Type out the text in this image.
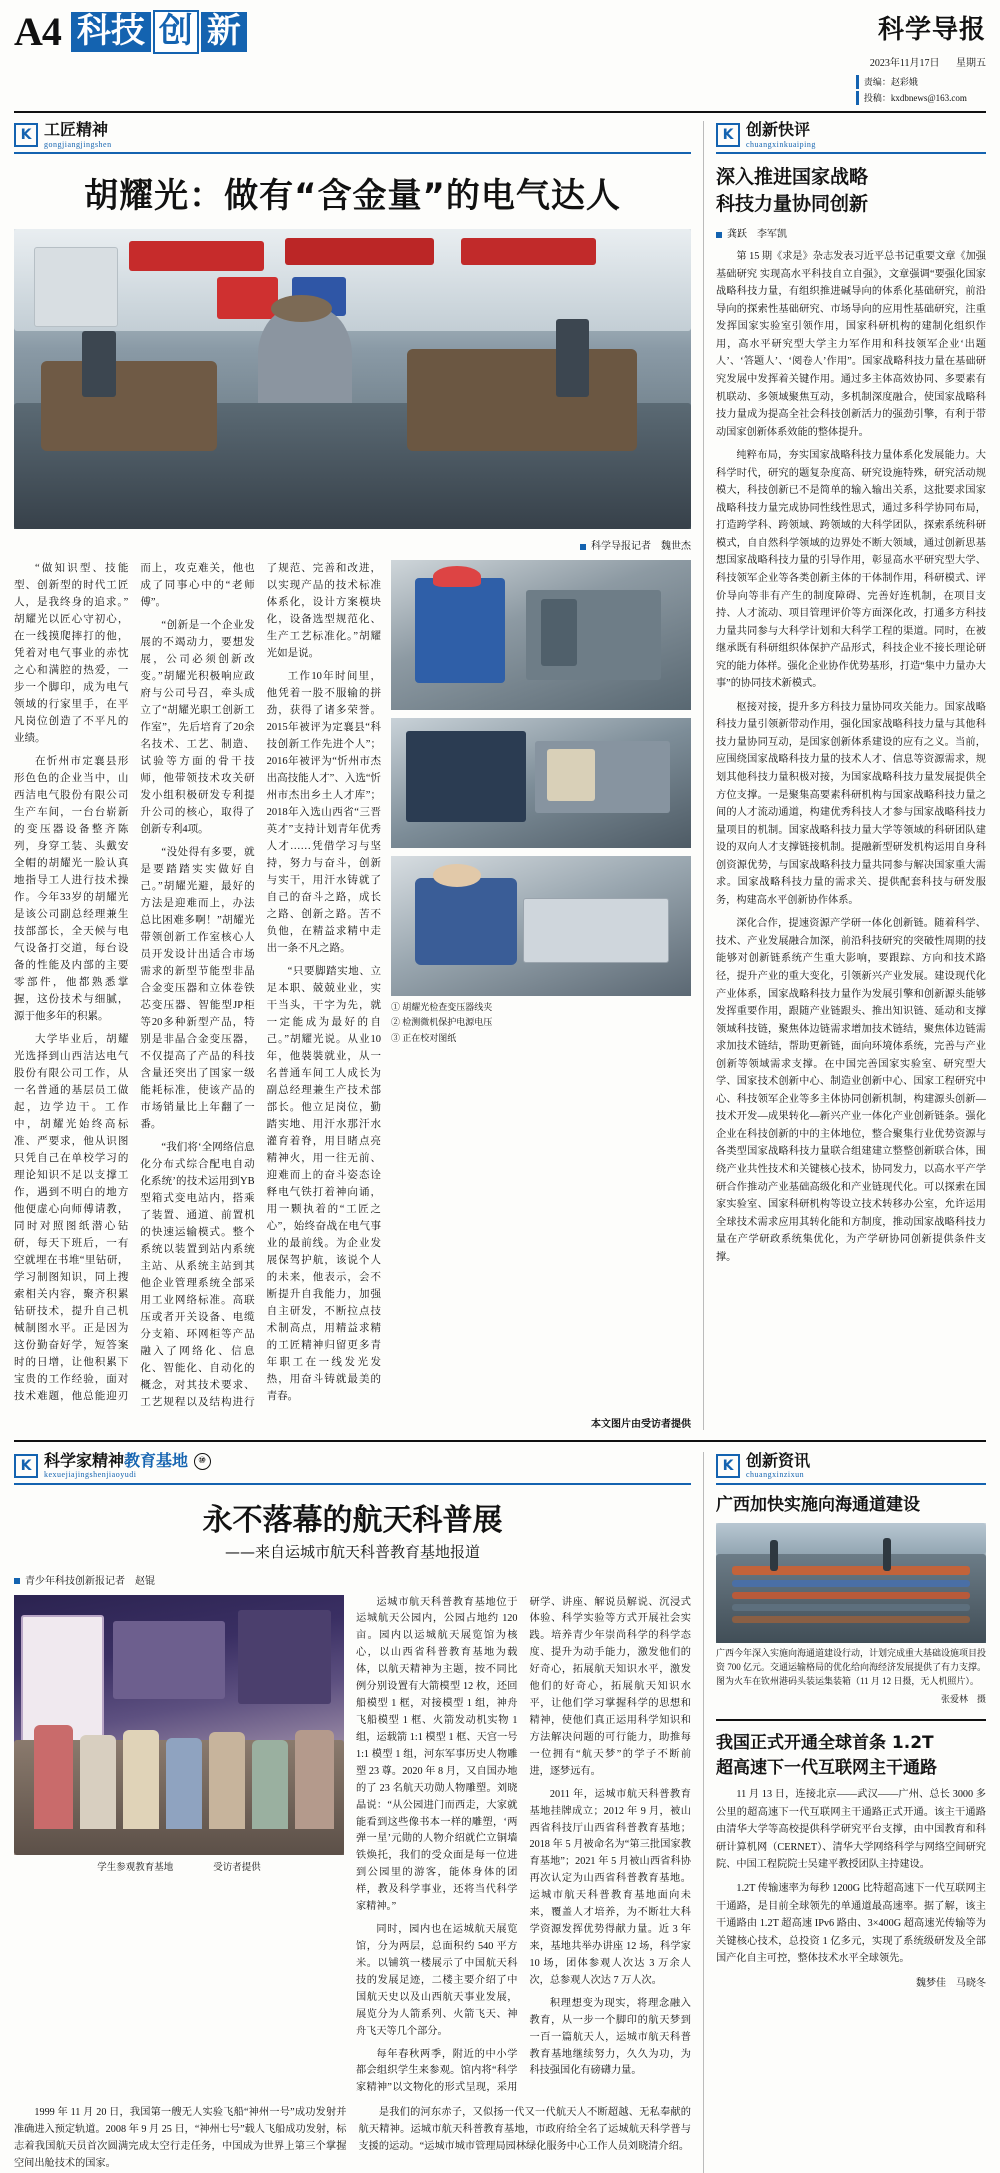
A4 科技 创 新	科学导报
2023年11月17日 星期五
责编：赵彩娥
投稿：kxdbnews@163.com
K 工匠精神
gongjiangjingshen
胡耀光：做有“含金量”的电气达人
科学导报记者　魏世杰
① 胡耀光检查变压器线夹
② 检测微机保护电源电压
③ 正在校对图纸

“做知识型、技能型、创新型的时代工匠人，是我终身的追求。”胡耀光以匠心守初心，在一线摸爬摔打的他，凭着对电气事业的赤忱之心和满腔的热爱，一步一个脚印，成为电气领域的行家里手，在平凡岗位创造了不平凡的业绩。

在忻州市定襄县形形色色的企业当中，山西洁电气股份有限公司生产车间，一台台崭新的变压器设备整齐陈列，身穿工装、头戴安全帽的胡耀光一脸认真地指导工人进行技术操作。今年33岁的胡耀光是该公司副总经理兼生技部部长，全天候与电气设备打交道，每台设备的性能及内部的主要零部件，他都熟悉掌握，这份技术与细腻，源于他多年的积累。

大学毕业后，胡耀光选择到山西洁达电气股份有限公司工作，从一名普通的基层员工做起，边学边干。工作中，胡耀光始终高标准、严要求，他从识图只凭自己在单校学习的理论知识不足以支撑工作，遇到不明白的地方他便虚心向师傅请教，同时对照图纸潜心钻研，每天下班后，一有空就埋在书堆“里钻研，学习制图知识，同上搜索相关内容，聚齐积累钻研技术，提升自己机械制图水平。正是因为这份勤奋好学，短答案时的日增，让他积累下宝贵的工作经验，面对技术难题，他总能迎刃而上，攻克难关，他也成了同事心中的“老师傅”。

“创新是一个企业发展的不竭动力，要想发展，公司必须创新改变。”胡耀光积极响应政府与公司号召，牵头成立了“胡耀光职工创新工作室”，先后培育了20余名技术、工艺、制造、试验等方面的骨干技师，他带领技术攻关研发小组积极研发专利提升公司的核心，取得了创新专利4项。

“没处得有多要，就是要踏踏实实做好自己。”胡耀光避，最好的方法是迎难而上，办法总比困难多啊！”胡耀光带领创新工作室核心人员开发设计出适合市场需求的新型节能型非晶合金变压器和立体卷铁芯变压器、智能型JP柜等20多种新型产品，特别是非晶合金变压器，不仅提高了产品的科技含量还突出了国家一级能耗标准，使该产品的市场销量比上年翻了一番。

“我们将‘全网络信息化分布式综合配电自动化系统’的技术运用到YB型箱式变电站内，搭乘了装置、通道、前置机的快速运输模式。整个系统以装置到站内系统主站、从系统主站到其他企业管理系统全部采用工业网络标准。高联压或者开关设备、电缆分支箱、环网柜等产品融入了网络化、信息化、智能化、自动化的概念，对其技术要求、工艺规程以及结构进行了规范、完善和改进，以实现产品的技术标准体系化，设计方案模块化，设备选型规范化、生产工艺标准化。”胡耀光如是说。

工作10年时间里，他凭着一股不服输的拼劲，获得了诸多荣誉。2015年被评为定襄县“科技创新工作先进个人”；2016年被评为“忻州市杰出高技能人才”、入选“忻州市杰出乡土人才库”；2018年入选山西省“三晋英才”支持计划青年优秀人才……凭借学习与坚持，努力与奋斗，创新与实干，用汗水铸就了自己的奋斗之路，成长之路、创新之路。苦不负他，在精益求精中走出一条不凡之路。

“只要脚踏实地、立足本职、兢兢业业，实干当头，干字为先，就一定能成为最好的自己。”胡耀光说。从业10年，他裝裝就业，从一名普通车间工人成长为副总经理兼生产技术部部长。他立足岗位，勤踏实地、用汗水那汗水灌育着脊，用目睹点亮精神火，用一往无前、迎难而上的奋斗姿态诠释电气铁打着神向诵，用一颗执着的“工匠之心”，始终奋战在电气事业的最前线。为企业发展保驾护航，该说个人的未来，他表示，会不断提升自我能力，加强自主研发，不断拉点技术制高点，用精益求精的工匠精神归留更多青年职工在一线发光发热，用奋斗铸就最美的青春。

本文图片由受访者提供
K 创新快评
chuangxinkuaiping
深入推进国家战略
科技力量协同创新
龚跃　李军凯

第 15 期《求是》杂志发表习近平总书记重要文章《加强基础研究 实现高水平科技自立自强》，文章强调“要强化国家战略科技力量，有组织推进碱导向的体系化基础研究，前沿导向的探索性基础研究、市场导向的应用性基础研究，注重发挥国家实验室引领作用，国家科研机构的建制化组织作用，高水平研究型大学主力军作用和科技领军企业‘出题人’、‘答题人’、‘阅卷人’作用”。国家战略科技力量在基础研究发展中发挥着关键作用。通过多主体高效协同、多要素有机联动、多领域聚焦互动，多机制深度融合，使国家战略科技力量成为提高全社会科技创新活力的强劲引擎，有利于带动国家创新体系效能的整体提升。

纯粹布局，夯实国家战略科技力量体系化发展能力。大科学时代，研究的题复杂度高、研究设施特殊，研究活动规模大，科技创新已不是简单的输入输出关系，这批要求国家战略科技力量完成协同性线性思式，通过多科学协同布局，打造跨学科、跨领域、跨领域的大科学团队，探索系统科研模式，自自然科学领域的边界处不断大领域，通过创新思基想国家战略科技力量的引导作用，彰显高水平研究型大学、科技领军企业等各类创新主体的干体制作用，科研模式、评价导向等非有产生的制度障碍、完善好连机制，在项目支持、人才流动、项目管理评价等方面深化改，打通多方科技力量共同参与大科学计划和大科学工程的渠道。同时，在被继承既有科研组织体保护产品形式，科技企业不接长理论研究的能力体样。强化企业协作优势基形，打造“集中力量办大事”的协同技术新模式。

枢接对接，提升多方科技力量协同攻关能力。国家战略科技力量引领新带动作用，强化国家战略科技力量与其他科技力量协同互动，是国家创新体系建设的应有之义。当前，应围绕国家战略科技力量的技术人才、信息等资源需求，规划其他科技力量积极对接，为国家战略科技力量发展提供全方位支撑。一是聚集高要素科研机构与国家战略科技力量之间的人才流动通道，构建优秀科技人才参与国家战略科技力量项目的机制。国家战略科技力量大学等领域的科研团队建设的双向人才支撑链接机制。提融新型研发机构运用自身科创资源优势，与国家战略科技力量共同参与解决国家重大需求。国家战略科技力量的需求关、提供配套科技与研发服务，构建高水平创新协作体系。

深化合作，提速资源产学研一体化创新链。随着科学、技术、产业发展融合加深，前沿科技研究的突破性周期的技能够对创新链系统产生重大影响，要跟踪、方向和技术路径，提升产业的重大变化，引领新兴产业发展。建设现代化产业体系，国家战略科技力量作为发展引擎和创新源头能够发挥重要作用，跟随产业链跟头、推出知识链、延动和支撑领域科技链，聚焦体边链需求增加技术链结，聚焦体边链需求加技术链结，帮助更新链，面向环境体系统，完善与产业创新等领域需求支撑。在中国完善国家实验室、研究型大学、国家技术创新中心、制造业创新中心、国家工程研究中心、科技领军企业等多主体协同创新机制，构建源头创新—技术开发—成果转化—新兴产业一体化产业创新链条。强化企业在科技创新的中的主体地位，整合聚集行业优势资源与各类型国家战略科技力量联合组建建立整整创新联合体，围绕产业共性技术和关键核心技术，协同发力，以高水平产学研合作推动产业基础高级化和产业链现代化。可以探索在国家实验室、国家科研机构等设立技术转移办公室，允许运用全球技术需求应用其转化能和方制度，推动国家战略科技力量在产学研政系统集优化，为产学研协同创新提供条件支撑。

K 科学家精神教育基地 ⑩
kexuejiajingshenjiaoyudi
永不落幕的航天科普展
——来自运城市航天科普教育基地报道
青少年科技创新报记者　赵锟
学生参观教育基地	受访者提供

运城市航天科普教育基地位于运城航天公园内，公园占地约 120 亩。园内以运城航天展览馆为核心，以山西省科普教育基地为载体，以航天精神为主题，按不同比例分别设置有大箭模型 12 枚，还回船模型 1 框，对接模型 1 组，神舟飞船模型 1 框、火箭发动机实物 1 组，运载箭 1:1 模型 1 框、天宫一号 1:1 模型 1 组，河东军事历史人物雕塑 23 尊。2020 年 8 月，又自国办地的了 23 名航天功勋人物雕塑。刘晓晶说：“从公园进门而西走，大家就能看到这些像书本一样的雕塑，‘两弹一星’元勋的人物介绍就伫立铜墙铁焕托，我们的受众面是每一位进到公园里的游客，能体身体的团样，教及科学事业，还将当代科学家精神。”

同时，园内也在运城航天展览馆，分为两层，总面积约 540 平方米。以铺筑一楼展示了中国航天科技的发展足迹，二楼主要介绍了中国航天史以及山西航天事业发展，展览分为人箭系列、火箭飞天、神舟飞天等几个部分。

每年春秋两季，附近的中小学都会组织学生来参观。馆内将“科学家精神”以文物化的形式呈现，采用研学、讲座、解说员解说、沉浸式体验、科学实验等方式开展社会实践。培养青少年崇尚科学的科学态度、提升为动手能力，激发他们的好奇心，拓展航天知识水平，激发他们的好奇心，拓展航天知识水平，让他们学习掌握科学的思想和精神，使他们真正运用科学知识和方法解决问题的可行能力，助推每一位拥有“航天梦”的学子不断前进，逐梦远有。

2011 年，运城市航天科普教育基地挂牌成立；2012 年 9 月，被山西省科技厅山西省科普教育基地；2018 年 5 月被命名为“第三批国家教育基地”；2021 年 5 月被山西省科协再次认定为山西省科普教育基地。运城市航天科普教育基地面向未来，覆盖人才培养，为不断壮大科学资源发挥优势得献力量。近 3 年来，基地共举办讲座 12 场，科学家 10 场，团体参观人次达 3 万余人次，总参观人次达 7 万人次。

积理想变为现实，将理念融入教育，从一步一个脚印的航天梦到一百一篇航天人，运城市航天科普教育基地继续努力，久久为功，为科技强国化有磅礴力量。

1999 年 11 月 20 日，我国第一艘无人实验飞船“神州一号”成功发射并准确进入预定轨道。2008 年 9 月 25 日，“神州七号”载人飞船成功发射，标志着我国航天员首次圆满完成太空行走任务，中国成为世界上第三个掌握空间出舱技术的国家。

是我们的河东赤子，又似扬一代又一代航天人不断超越、无私奉献的航天精神。运城市航天科普教育基地，市政府给全名了运城航天科学普与支援的运动。“运城市城市管理局园林绿化服务中心工作人员刘晓清介绍。

K 创新资讯
chuangxinzixun
广西加快实施向海通道建设
广西今年深入实施向海通道建设行动，计划完成重大基础设施项目投资 700 亿元。交通运输格局的优化给向海经济发展提供了有力支撑。图为火车在钦州港码头装运集装箱（11 月 12 日摄，无人机照片）。
张爱林　摄
我国正式开通全球首条 1.2T
超高速下一代互联网主干通路

11 月 13 日，连接北京——武汉——广州、总长 3000 多公里的超高速下一代互联网主干通路正式开通。该主干通路由清华大学等高校提供科学研究平台支撑，由中国教育和科研计算机网（CERNET）、清华大学网络科学与网络空间研究院、中国工程院院士吴建平教授团队主持建设。

1.2T 传输速率为每秒 1200G 比特超高速下一代互联网主干通路，是目前全球领先的单通道最高速率。据了解，该主干通路由 1.2T 超高速 IPv6 路由、3×400G 超高速光传输等为关键核心技术，总投资 1 亿多元，实现了系统级研发及全部国产化自主可控，整体技术水平全球领先。

魏梦佳　马晓冬
